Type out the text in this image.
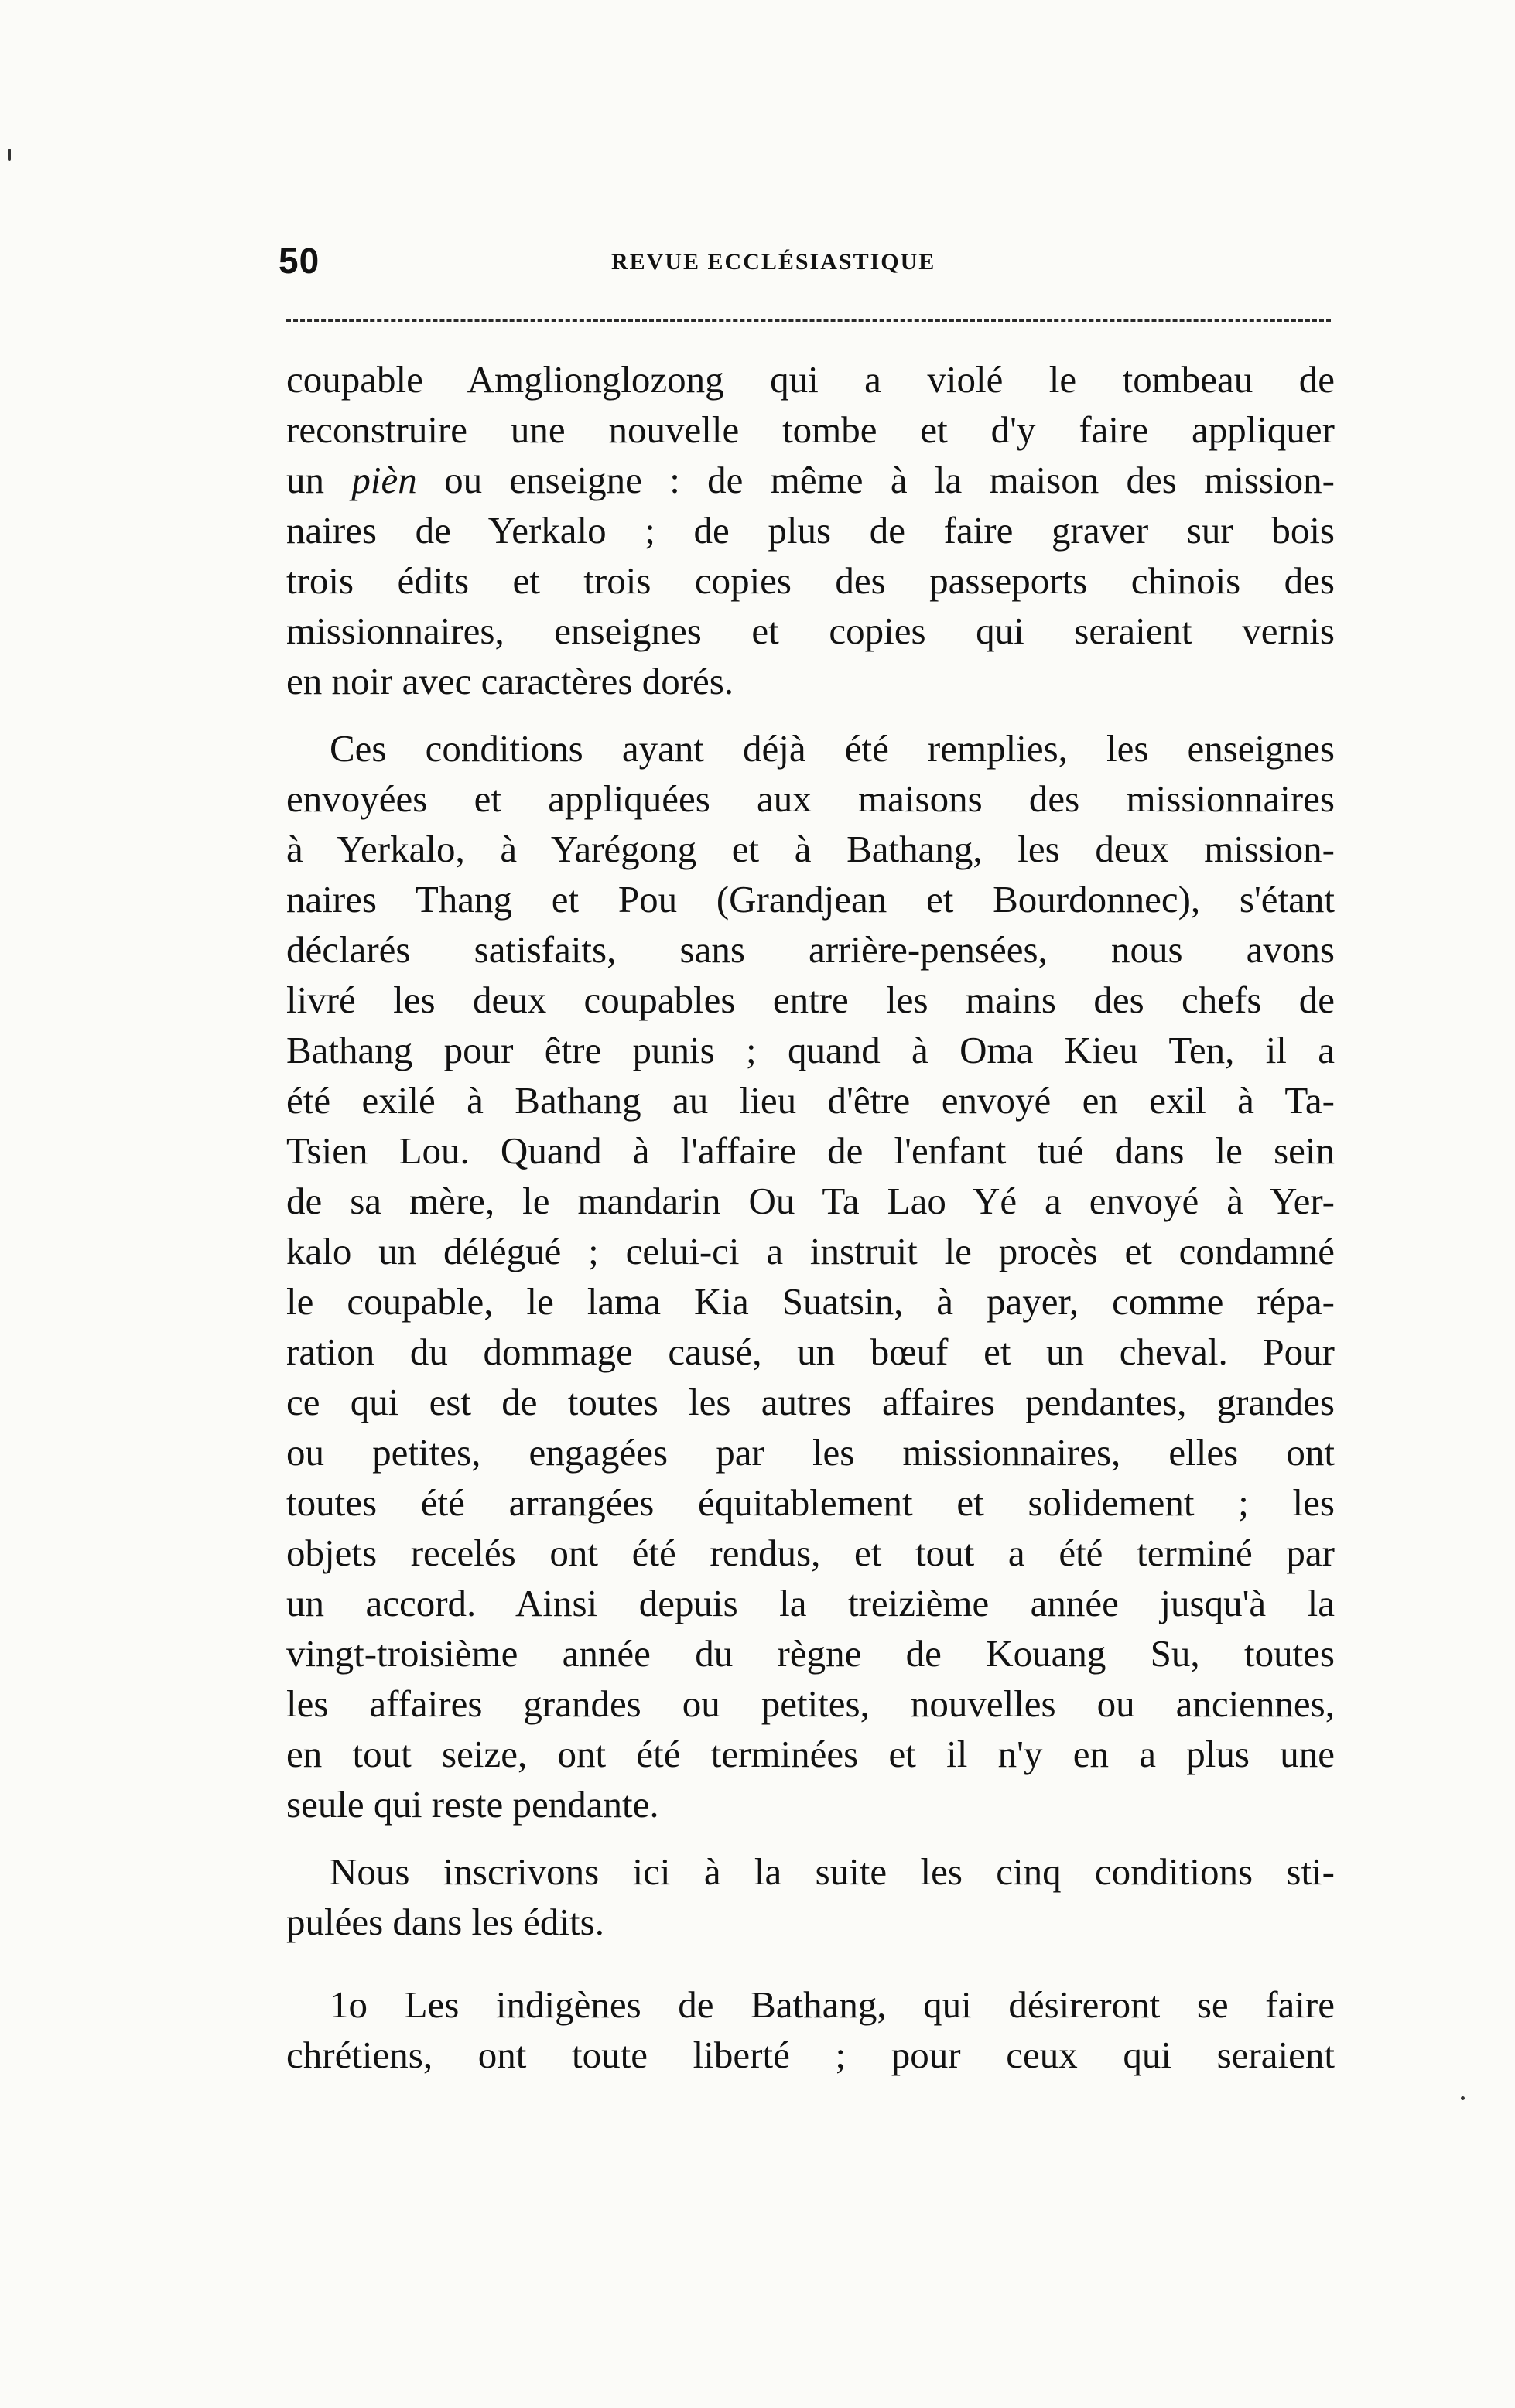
50	REVUE ECCLÉSIASTIQUE
coupable Amglionglozong qui a violé le tombeau de
reconstruire une nouvelle tombe et d'y faire appliquer
un pièn ou enseigne : de même à la maison des mission-
naires de Yerkalo ; de plus de faire graver sur bois
trois édits et trois copies des passeports chinois des
missionnaires, enseignes et copies qui seraient vernis
en noir avec caractères dorés.
Ces conditions ayant déjà été remplies, les enseignes
envoyées et appliquées aux maisons des missionnaires
à Yerkalo, à Yarégong et à Bathang, les deux mission-
naires Thang et Pou (Grandjean et Bourdonnec), s'étant
déclarés satisfaits, sans arrière-pensées, nous avons
livré les deux coupables entre les mains des chefs de
Bathang pour être punis ; quand à Oma Kieu Ten, il a
été exilé à Bathang au lieu d'être envoyé en exil à Ta-
Tsien Lou. Quand à l'affaire de l'enfant tué dans le sein
de sa mère, le mandarin Ou Ta Lao Yé a envoyé à Yer-
kalo un délégué ; celui-ci a instruit le procès et condamné
le coupable, le lama Kia Suatsin, à payer, comme répa-
ration du dommage causé, un bœuf et un cheval. Pour
ce qui est de toutes les autres affaires pendantes, grandes
ou petites, engagées par les missionnaires, elles ont
toutes été arrangées équitablement et solidement ; les
objets recelés ont été rendus, et tout a été terminé par
un accord. Ainsi depuis la treizième année jusqu'à la
vingt-troisième année du règne de Kouang Su, toutes
les affaires grandes ou petites, nouvelles ou anciennes,
en tout seize, ont été terminées et il n'y en a plus une
seule qui reste pendante.
Nous inscrivons ici à la suite les cinq conditions sti-
pulées dans les édits.
1o Les indigènes de Bathang, qui désireront se faire
chrétiens, ont toute liberté ; pour ceux qui seraient
